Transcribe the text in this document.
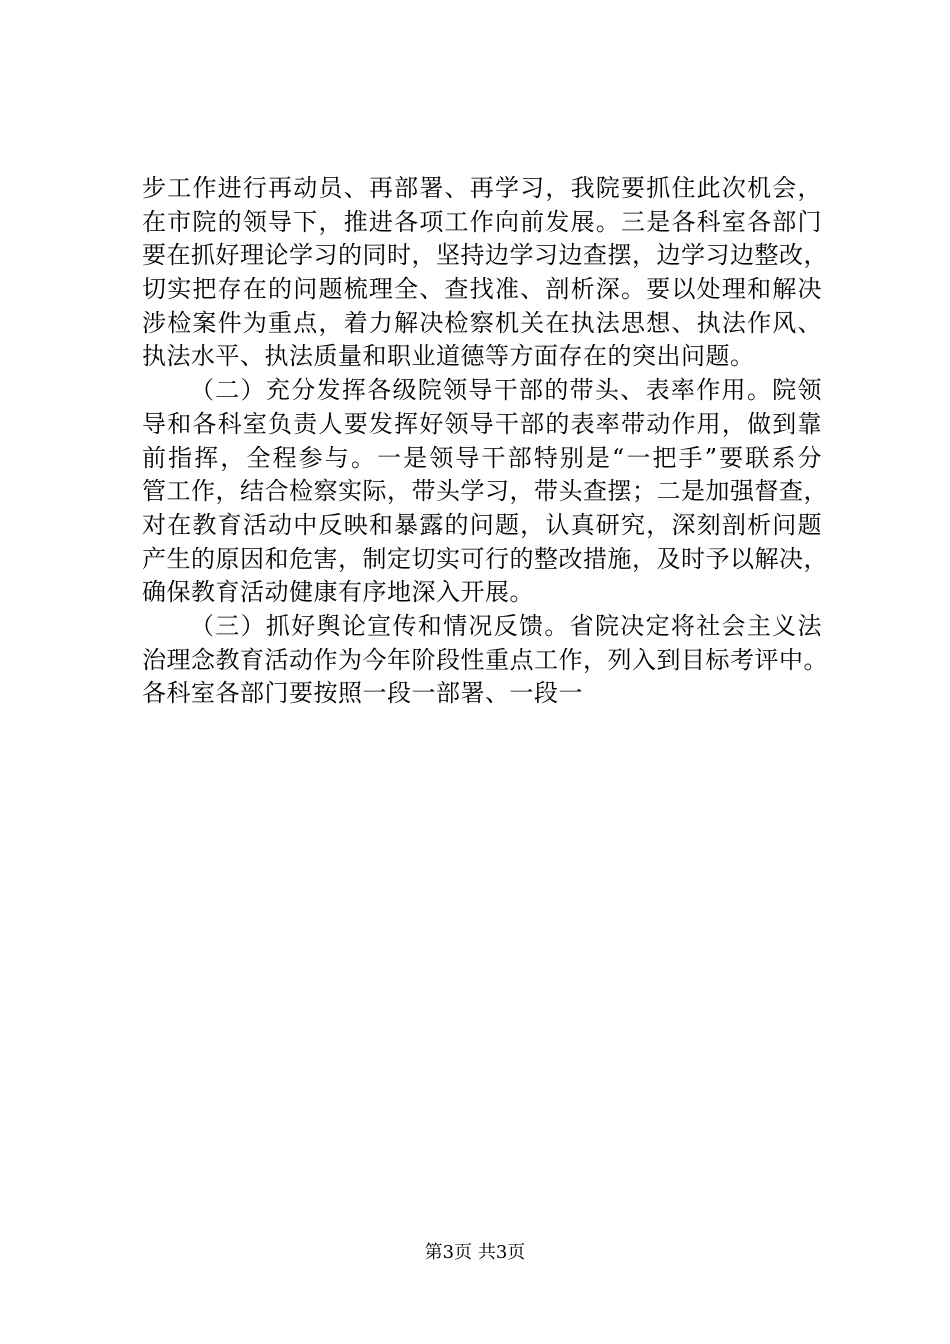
步工作进行再动员、再部署、再学习，我院要抓住此次机会，
在市院的领导下，推进各项工作向前发展。三是各科室各部门
要在抓好理论学习的同时，坚持边学习边查摆，边学习边整改，
切实把存在的问题梳理全、查找准、剖析深。要以处理和解决
涉检案件为重点，着力解决检察机关在执法思想、执法作风、
执法水平、执法质量和职业道德等方面存在的突出问题。
（二）充分发挥各级院领导干部的带头、表率作用。院领
导和各科室负责人要发挥好领导干部的表率带动作用，做到靠
前指挥，全程参与。一是领导干部特别是“一把手”要联系分
管工作，结合检察实际，带头学习，带头查摆；二是加强督查，
对在教育活动中反映和暴露的问题，认真研究，深刻剖析问题
产生的原因和危害，制定切实可行的整改措施，及时予以解决，
确保教育活动健康有序地深入开展。
（三）抓好舆论宣传和情况反馈。省院决定将社会主义法
治理念教育活动作为今年阶段性重点工作，列入到目标考评中。
各科室各部门要按照一段一部署、一段一
第3页 共3页
